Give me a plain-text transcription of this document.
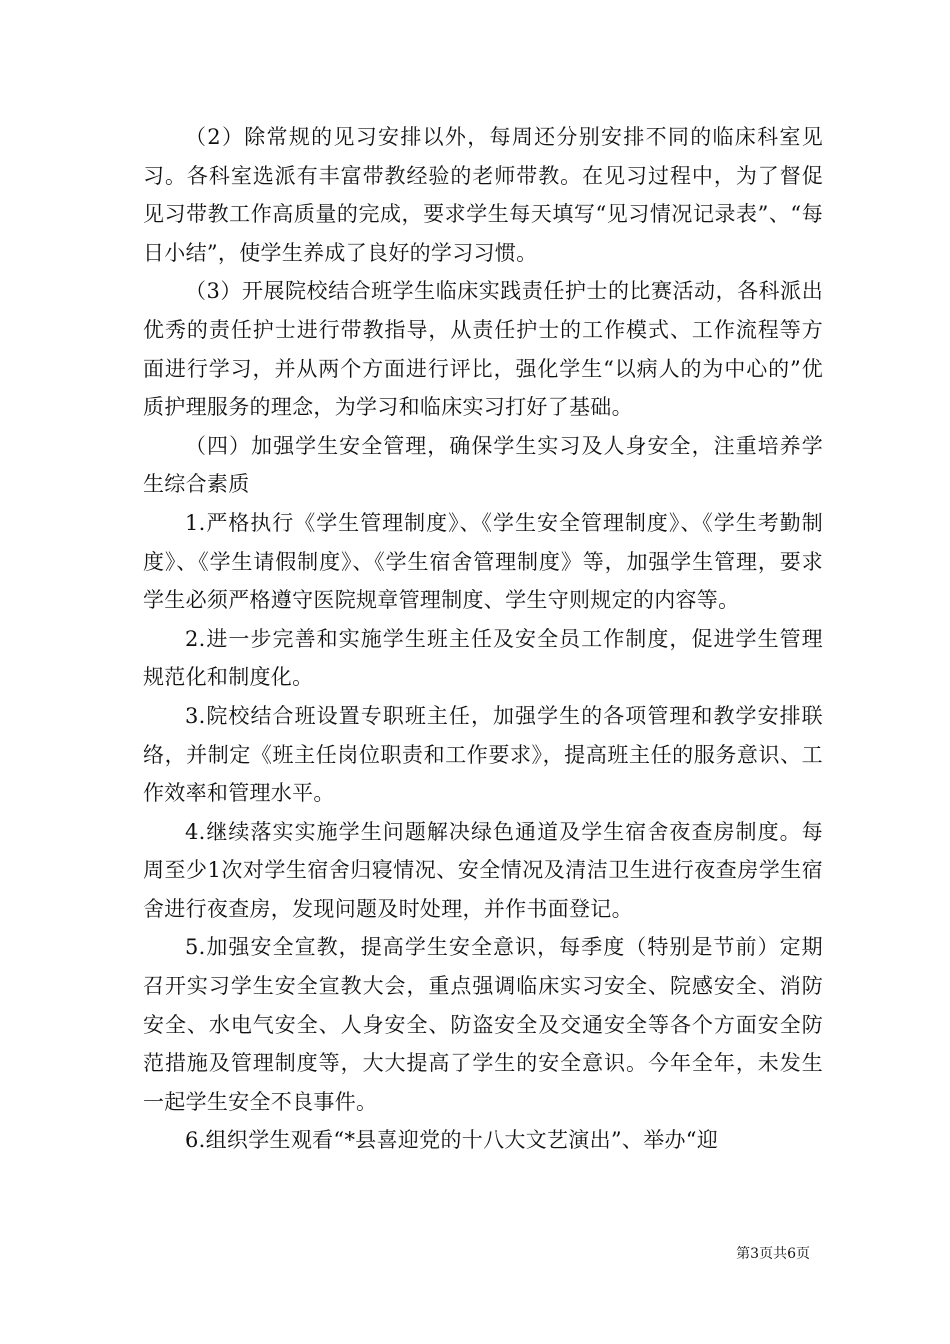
（2）除常规的见习安排以外，每周还分别安排不同的临床科室见习。各科室选派有丰富带教经验的老师带教。在见习过程中，为了督促见习带教工作高质量的完成，要求学生每天填写“见习情况记录表”、“每日小结”，使学生养成了良好的学习习惯。

（3）开展院校结合班学生临床实践责任护士的比赛活动，各科派出优秀的责任护士进行带教指导，从责任护士的工作模式、工作流程等方面进行学习，并从两个方面进行评比，强化学生“以病人的为中心的”优质护理服务的理念，为学习和临床实习打好了基础。

（四）加强学生安全管理，确保学生实习及人身安全，注重培养学生综合素质

1.严格执行《学生管理制度》、《学生安全管理制度》、《学生考勤制度》、《学生请假制度》、《学生宿舍管理制度》等，加强学生管理，要求学生必须严格遵守医院规章管理制度、学生守则规定的内容等。

2.进一步完善和实施学生班主任及安全员工作制度，促进学生管理规范化和制度化。

3.院校结合班设置专职班主任，加强学生的各项管理和教学安排联络，并制定《班主任岗位职责和工作要求》，提高班主任的服务意识、工作效率和管理水平。

4.继续落实实施学生问题解决绿色通道及学生宿舍夜查房制度。每周至少1次对学生宿舍归寝情况、安全情况及清洁卫生进行夜查房学生宿舍进行夜查房，发现问题及时处理，并作书面登记。

5.加强安全宣教，提高学生安全意识，每季度（特别是节前）定期召开实习学生安全宣教大会，重点强调临床实习安全、院感安全、消防安全、水电气安全、人身安全、防盗安全及交通安全等各个方面安全防范措施及管理制度等，大大提高了学生的安全意识。今年全年，未发生一起学生安全不良事件。

6.组织学生观看“*县喜迎党的十八大文艺演出”、举办“迎

第3页共6页
